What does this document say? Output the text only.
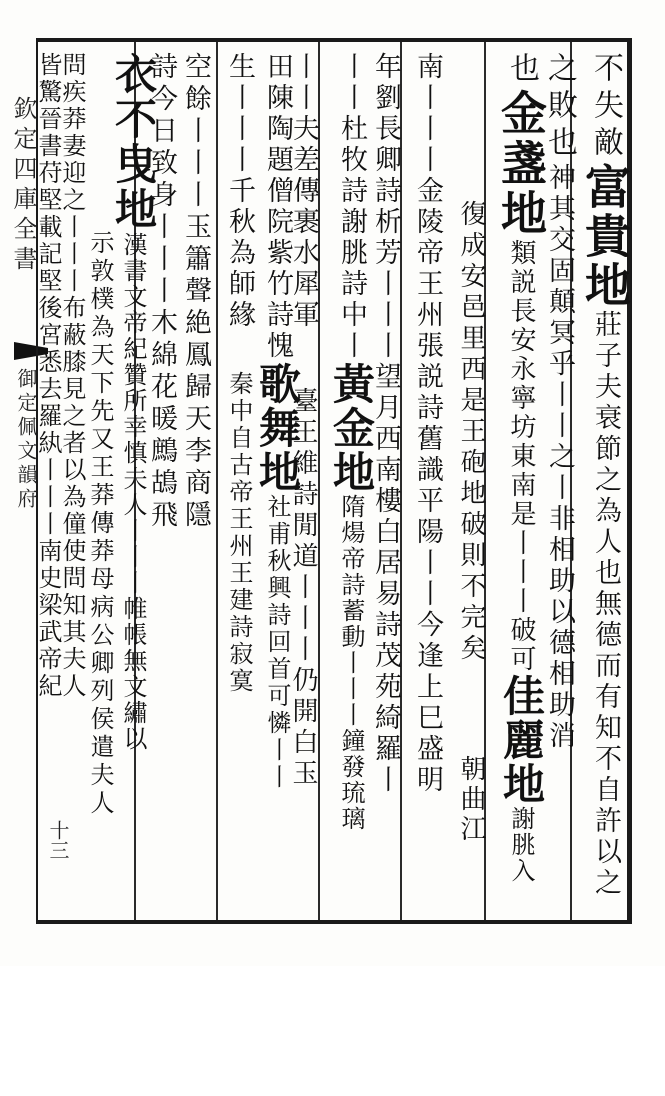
欽定四庫全書
御定佩文韻府
十三
不失敵富貴地莊子夫衰節之為人也無德而有知不自許以之
之敗也神其交固顛冥乎丨丨之丨非相助以德相助消
也金盞地類説長安永寧坊東南是丨丨丨破可佳麗地謝朓入
復成安邑里西是王砲地破則不完矣朝曲江
南丨丨丨金陵帝王州張説詩舊識平陽丨丨今逢上巳盛明
年劉長卿詩析芳丨丨丨望月西南樓白居易詩茂苑綺羅丨
丨丨杜牧詩謝朓詩中丨黃金地隋煬帝詩蓄動丨丨丨鐘發琉璃
丨丨夫差傳裹水犀軍臺王維詩閒道丨丨丨仍開白玉
田陳陶題僧院紫竹詩愧歌舞地社甫秋興詩回首可憐丨丨
生丨丨丨千秋為師緣秦中自古帝王州王建詩寂寞
空餘丨丨丨玉簫聲絶鳳歸天李商隱
詩今日致身丨丨丨木綿花暖鷓鴣飛
衣不曳地漢書文帝紀贊所幸慎夫人丨丨丨帷帳無文繡以
示敦樸為天下先又王莽傳莽母病公卿列侯遣夫人
問疾莽妻迎之丨丨丨布蔽膝見之者以為僮使問知其夫人
皆驚晉書苻堅載記堅後宮悉去羅紈丨丨丨南史梁武帝紀
